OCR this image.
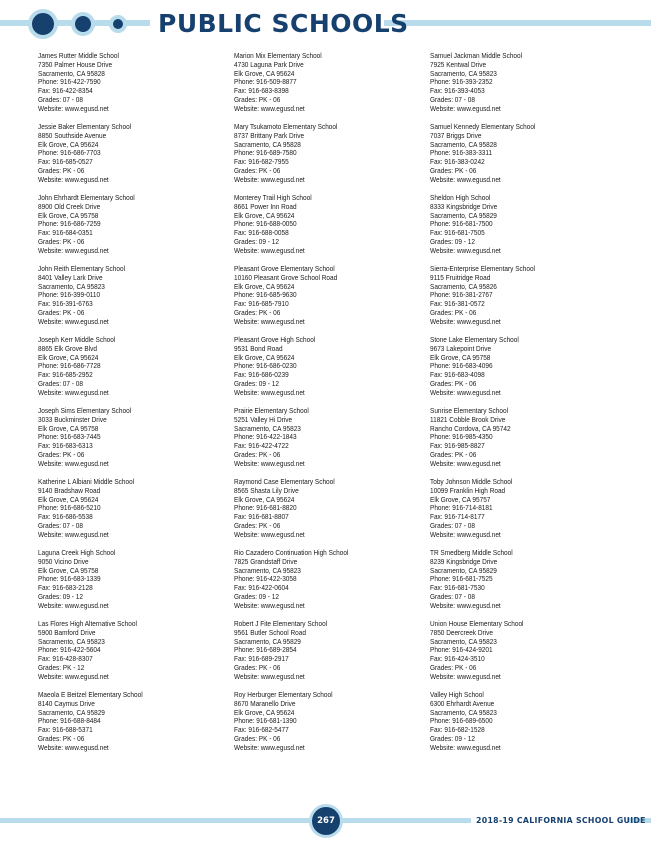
PUBLIC SCHOOLS
James Rutter Middle School
7350 Palmer House Drive
Sacramento, CA 95828
Phone: 916-422-7590
Fax: 916-422-8354
Grades: 07 - 08
Website: www.egusd.net
Jessie Baker Elementary School
8850 Southside Avenue
Elk Grove, CA 95624
Phone: 916-686-7703
Fax: 916-685-0527
Grades: PK - 06
Website: www.egusd.net
John Ehrhardt Elementary School
8900 Old Creek Drive
Elk Grove, CA 95758
Phone: 916-686-7259
Fax: 916-684-0351
Grades: PK - 06
Website: www.egusd.net
John Reith Elementary School
8401 Valley Lark Drive
Sacramento, CA 95823
Phone: 916-399-0110
Fax: 916-391-6763
Grades: PK - 06
Website: www.egusd.net
Joseph Kerr Middle School
8865 Elk Grove Blvd
Elk Grove, CA 95624
Phone: 916-686-7728
Fax: 916-685-2952
Grades: 07 - 08
Website: www.egusd.net
Joseph Sims Elementary School
3033 Buckminster Drive
Elk Grove, CA 95758
Phone: 916-683-7445
Fax: 916-683-6313
Grades: PK - 06
Website: www.egusd.net
Katherine L Albiani Middle School
9140 Bradshaw Road
Elk Grove, CA 95624
Phone: 916-686-5210
Fax: 916-686-5538
Grades: 07 - 08
Website: www.egusd.net
Laguna Creek High School
9050 Vicino Drive
Elk Grove, CA 95758
Phone: 916-683-1339
Fax: 916-683-2128
Grades: 09 - 12
Website: www.egusd.net
Las Flores High Alternative School
5900 Bamford Drive
Sacramento, CA 95823
Phone: 916-422-5604
Fax: 916-428-8307
Grades: PK - 12
Website: www.egusd.net
Maeola E Beitzel Elementary School
8140 Caymus Drive
Sacramento, CA 95829
Phone: 916-688-8484
Fax: 916-688-5371
Grades: PK - 06
Website: www.egusd.net
Marion Mix Elementary School
4730 Laguna Park Drive
Elk Grove, CA 95624
Phone: 916-509-8877
Fax: 916-683-8398
Grades: PK - 06
Website: www.egusd.net
Mary Tsukamoto Elementary School
8737 Brittany Park Drive
Sacramento, CA 95828
Phone: 916-689-7580
Fax: 916-682-7955
Grades: PK - 06
Website: www.egusd.net
Monterey Trail High School
8661 Power Inn Road
Elk Grove, CA 95624
Phone: 916-688-0050
Fax: 916-688-0058
Grades: 09 - 12
Website: www.egusd.net
Pleasant Grove Elementary School
10160 Pleasant Grove School Road
Elk Grove, CA 95624
Phone: 916-685-9630
Fax: 916-685-7910
Grades: PK - 06
Website: www.egusd.net
Pleasant Grove High School
9531 Bond Road
Elk Grove, CA 95624
Phone: 916-686-0230
Fax: 916-686-0239
Grades: 09 - 12
Website: www.egusd.net
Prairie Elementary School
5251 Valley Hi Drive
Sacramento, CA 95823
Phone: 916-422-1843
Fax: 916-422-4722
Grades: PK - 06
Website: www.egusd.net
Raymond Case Elementary School
8565 Shasta Lily Drive
Elk Grove, CA 95624
Phone: 916-681-8820
Fax: 916-681-8807
Grades: PK - 06
Website: www.egusd.net
Rio Cazadero Continuation High School
7825 Grandstaff Drive
Sacramento, CA 95823
Phone: 916-422-3058
Fax: 916-422-0604
Grades: 09 - 12
Website: www.egusd.net
Robert J Fite Elementary School
9561 Butler School Road
Sacramento, CA 95829
Phone: 916-689-2854
Fax: 916-689-2917
Grades: PK - 06
Website: www.egusd.net
Roy Herburger Elementary School
8670 Maranello Drive
Elk Grove, CA 95624
Phone: 916-681-1390
Fax: 916-682-5477
Grades: PK - 06
Website: www.egusd.net
Samuel Jackman Middle School
7925 Kentwal Drive
Sacramento, CA 95823
Phone: 916-393-2352
Fax: 916-393-4053
Grades: 07 - 08
Website: www.egusd.net
Samuel Kennedy Elementary School
7037 Briggs Drive
Sacramento, CA 95828
Phone: 916-383-3311
Fax: 916-383-0242
Grades: PK - 06
Website: www.egusd.net
Sheldon High School
8333 Kingsbridge Drive
Sacramento, CA 95829
Phone: 916-681-7500
Fax: 916-681-7505
Grades: 09 - 12
Website: www.egusd.net
Sierra-Enterprise Elementary School
9115 Fruitridge Road
Sacramento, CA 95826
Phone: 916-381-2767
Fax: 916-381-0572
Grades: PK - 06
Website: www.egusd.net
Stone Lake Elementary School
9673 Lakepoint Drive
Elk Grove, CA 95758
Phone: 916-683-4096
Fax: 916-683-4098
Grades: PK - 06
Website: www.egusd.net
Sunrise Elementary School
11821 Cobble Brook Drive
Rancho Cordova, CA 95742
Phone: 916-985-4350
Fax: 916-985-8827
Grades: PK - 06
Website: www.egusd.net
Toby Johnson Middle School
10099 Franklin High Road
Elk Grove, CA 95757
Phone: 916-714-8181
Fax: 916-714-8177
Grades: 07 - 08
Website: www.egusd.net
TR Smedberg Middle School
8239 Kingsbridge Drive
Sacramento, CA 95829
Phone: 916-681-7525
Fax: 916-681-7530
Grades: 07 - 08
Website: www.egusd.net
Union House Elementary School
7850 Deercreek Drive
Sacramento, CA 95823
Phone: 916-424-9201
Fax: 916-424-3510
Grades: PK - 06
Website: www.egusd.net
Valley High School
6300 Ehrhardt Avenue
Sacramento, CA 95823
Phone: 916-689-6500
Fax: 916-682-1528
Grades: 09 - 12
Website: www.egusd.net
267	2018-19 CALIFORNIA SCHOOL GUIDE
